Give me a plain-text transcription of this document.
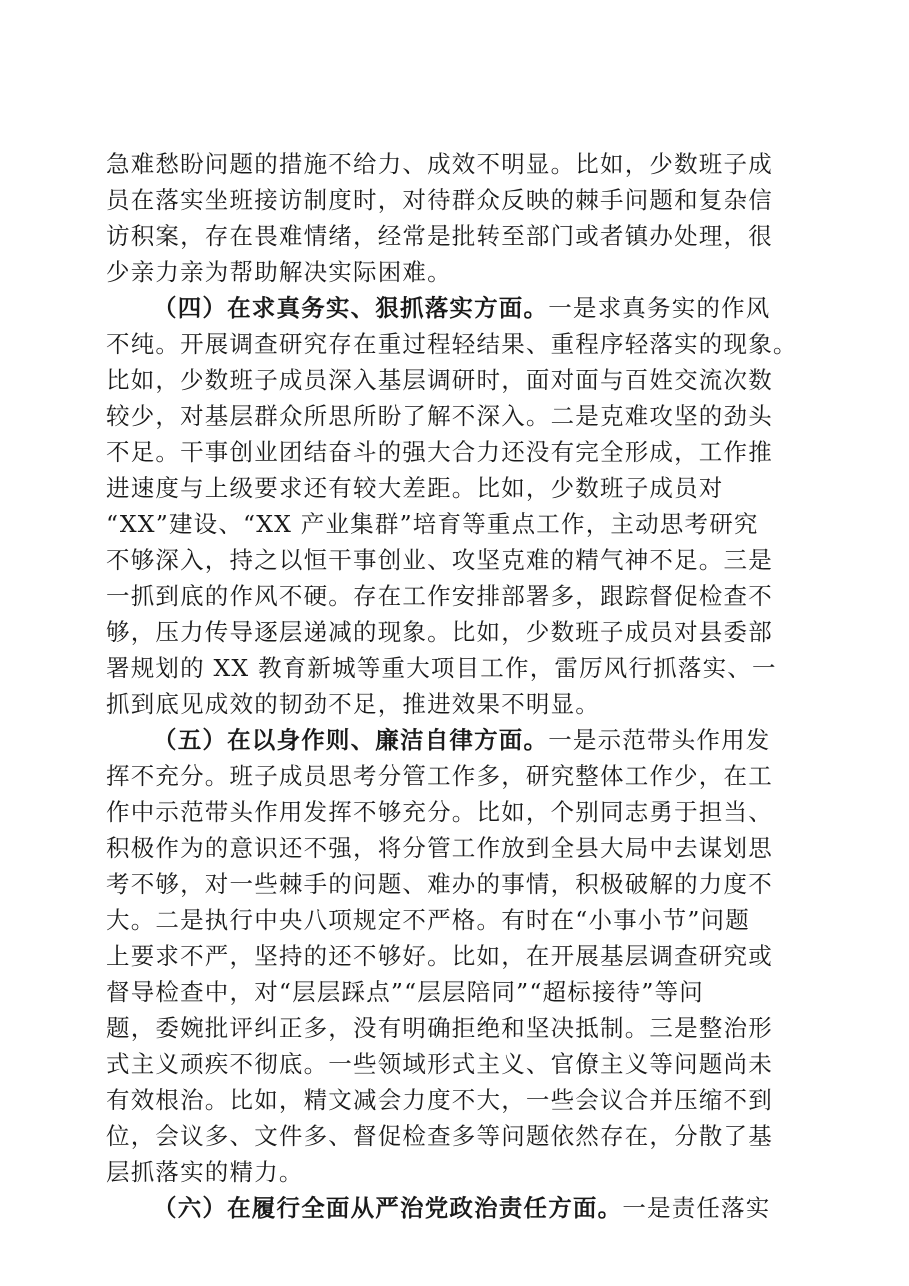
急难愁盼问题的措施不给力、成效不明显。比如，少数班子成
员在落实坐班接访制度时，对待群众反映的棘手问题和复杂信
访积案，存在畏难情绪，经常是批转至部门或者镇办处理，很
少亲力亲为帮助解决实际困难。
（四）在求真务实、狠抓落实方面。一是求真务实的作风
不纯。开展调查研究存在重过程轻结果、重程序轻落实的现象。
比如，少数班子成员深入基层调研时，面对面与百姓交流次数
较少，对基层群众所思所盼了解不深入。二是克难攻坚的劲头
不足。干事创业团结奋斗的强大合力还没有完全形成，工作推
进速度与上级要求还有较大差距。比如，少数班子成员对
“XX”建设、“XX 产业集群”培育等重点工作，主动思考研究
不够深入，持之以恒干事创业、攻坚克难的精气神不足。三是
一抓到底的作风不硬。存在工作安排部署多，跟踪督促检查不
够，压力传导逐层递减的现象。比如，少数班子成员对县委部
署规划的 XX 教育新城等重大项目工作，雷厉风行抓落实、一
抓到底见成效的韧劲不足，推进效果不明显。
（五）在以身作则、廉洁自律方面。一是示范带头作用发
挥不充分。班子成员思考分管工作多，研究整体工作少，在工
作中示范带头作用发挥不够充分。比如，个别同志勇于担当、
积极作为的意识还不强，将分管工作放到全县大局中去谋划思
考不够，对一些棘手的问题、难办的事情，积极破解的力度不
大。二是执行中央八项规定不严格。有时在“小事小节”问题
上要求不严，坚持的还不够好。比如，在开展基层调查研究或
督导检查中，对“层层踩点”“层层陪同”“超标接待”等问
题，委婉批评纠正多，没有明确拒绝和坚决抵制。三是整治形
式主义顽疾不彻底。一些领域形式主义、官僚主义等问题尚未
有效根治。比如，精文减会力度不大，一些会议合并压缩不到
位，会议多、文件多、督促检查多等问题依然存在，分散了基
层抓落实的精力。
（六）在履行全面从严治党政治责任方面。一是责任落实
